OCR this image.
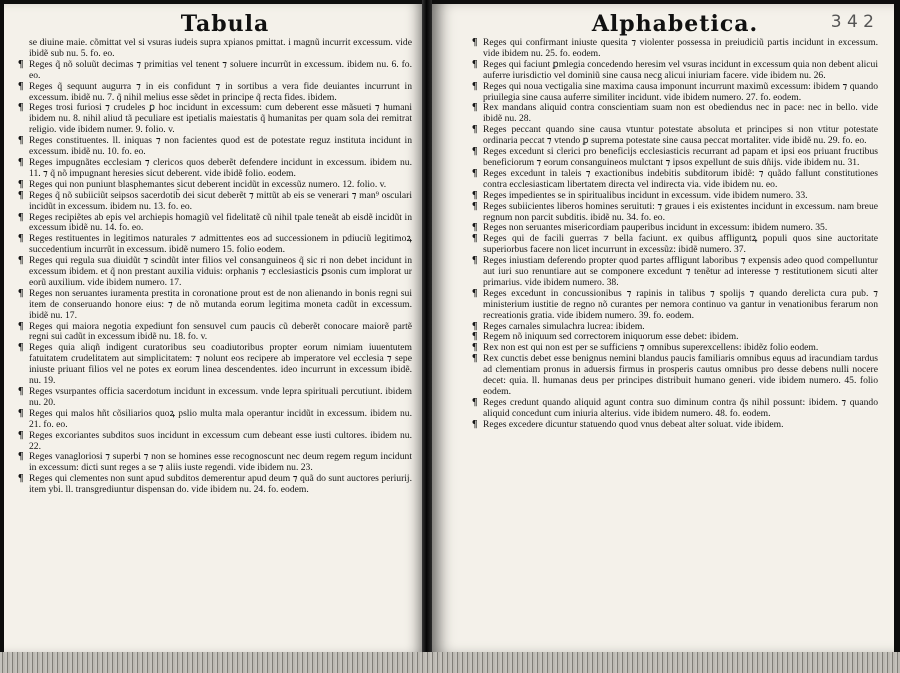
Tabula

se diuine maie. cõmittat vel si vsuras iudeis supra xpianos pmittat. i magnũ incurrit excessum. vide ibidẽ sub nu. 5. fo. eo.

¶ Reges q̃ nõ soluũt decimas ⁊ primitias vel tenent ⁊ soluere incurrũt in excessum. ibidem nu. 6. fo. eo.

¶ Reges q̃ sequunt augurra ⁊ in eis confidunt ⁊ in sortibus a vera fide deuiantes incurrunt in excessum. ibidẽ nu. 7. q̃ nihil melius esse sẽdet in principe q̃ recta fides. ibidem.

¶ Reges trosi furiosi ⁊ crudeles ꝑ hoc incidunt in excessum: cum deberent esse mãsueti ⁊ humani ibidem nu. 8. nihil aliud tã peculiare est ipetialis maiestatis q̃ humanitas per quam sola dei remitrat religio. vide ibidem numer. 9. folio. v.

¶ Reges constituentes. ll. iniquas ⁊ non facientes quod est de potestate reguz instituta incidunt in excessum. ibidẽ nu. 10. fo. eo.

¶ Reges impugnãtes ecclesiam ⁊ clericos quos deberẽt defendere incidunt in excessum. ibidem nu. 11. ⁊ q̃ nõ impugnant heresies sicut deberent. vide ibidẽ folio. eodem.

¶ Reges qui non puniunt blasphemantes sicut deberent incidũt in excessũz numero. 12. folio. v.

¶ Reges q̃ nõ subiiciũt seipsos sacerdotib̃ dei sicut deberẽt ⁊ mittũt ab eis se venerari ⁊ man⁹ osculari incidũt in excessum. ibidem nu. 13. fo. eo.

¶ Reges recipiẽtes ab epis vel archiepis homagiũ vel fidelitatẽ cũ nihil tpale teneãt ab eisdẽ incidũt in excessum ibidẽ nu. 14. fo. eo.

¶ Reges restituentes in legitimos naturales ⁊ admittentes eos ad successionem in pdiuciũ legitimoꝝ succedentium incurrũt in excessum. ibidẽ numero 15. folio eodem.

¶ Reges qui regula sua diuidũt ⁊ scindũt inter filios vel consanguineos q̃ sic ri non debet incidunt in excessum ibidem. et q̃ non prestant auxilia viduis: orphanis ⁊ ecclesiasticis ꝑsonis cum implorat ur eorũ auxilium. vide ibidem numero. 17.

¶ Reges non seruantes iuramenta prestita in coronatione prout est de non alienando in bonis regni sui item de conseruando honore eius: ⁊ de nõ mutanda eorum legitima moneta cadũt in excessum. ibidẽ nu. 17.

¶ Reges qui maiora negotia expediunt fon sensuvel cum paucis cũ deberẽt conocare maiorẽ partẽ regni sui cadũt in excessum ibidẽ nu. 18. fo. v.

¶ Reges quia aliqñ indigent curatoribus seu coadiutoribus propter eorum nimiam iuuentutem fatuitatem crudelitatem aut simplicitatem: ⁊ nolunt eos recipere ab imperatore vel ecclesia ⁊ sepe iniuste priuant filios vel ne potes ex eorum linea descendentes. ideo incurrunt in excessum ibidẽ. nu. 19.

¶ Reges vsurpantes officia sacerdotum incidunt in excessum. vnde lepra spirituali percutiunt. ibidem nu. 20.

¶ Reges qui malos hñt cõsiliarios quoꝝ pslio multa mala operantur incidũt in excessum. ibidem nu. 21. fo. eo.

¶ Reges excoriantes subditos suos incidunt in excessum cum debeant esse iusti cultores. ibidem nu. 22.

¶ Reges vanagloriosi ⁊ superbi ⁊ non se homines esse recognoscunt nec deum regem regum incidunt in excessum: dicti sunt reges a se ⁊ aliis iuste regendi. vide ibidem nu. 23.

¶ Reges qui clementes non sunt apud subditos demerentur apud deum ⁊ quã do sunt auctores periurij. item ybi. ll. transgrediuntur dispensan do. vide ibidem nu. 24. fo. eodem.

Alphabetica.	3 4 2

¶ Reges qui confirmant iniuste quesita ⁊ violenter possessa in preiudiciũ partis incidunt in excessum. vide ibidem nu. 25. fo. eodem.

¶ Reges qui faciunt ꝑmlegia concedendo heresim vel vsuras incidunt in excessum quia non debent alicui auferre iurisdictio vel dominiũ sine causa necg alicui iniuriam facere. vide ibidem nu. 26.

¶ Reges qui noua vectigalia sine maxima causa imponunt incurrunt maximũ excessum: ibidem ⁊ quando priuilegia sine causa auferre similiter incidunt. vide ibidem numero. 27. fo. eodem.

¶ Rex mandans aliquid contra conscientiam suam non est obediendus nec in pace: nec in bello. vide ibidẽ nu. 28.

¶ Reges peccant quando sine causa vtuntur potestate absoluta et principes si non vtitur potestate ordinaria peccat ⁊ vtendo ꝑ suprema potestate sine causa peccat mortaliter. vide ibidẽ nu. 29. fo. eo.

¶ Reges excedunt si clerici pro beneficijs ecclesiasticis recurrant ad papam et ipsi eos priuant fructibus beneficiorum ⁊ eorum consanguineos mulctant ⁊ ipsos expellunt de suis dñijs. vide ibidem nu. 31.

¶ Reges excedunt in taleis ⁊ exactionibus indebitis subditorum ibidẽ: ⁊ quãdo fallunt constitutiones contra ecclesiasticam libertatem directa vel indirecta via. vide ibidem nu. eo.

¶ Reges impedientes se in spiritualibus incidunt in excessum. vide ibidem numero. 33.

¶ Reges subiicientes liberos homines seruituti: ⁊ graues i eis existentes incidunt in excessum. nam breue regnum non parcit subditis. ibidẽ nu. 34. fo. eo.

¶ Reges non seruantes misericordiam pauperibus incidunt in excessum: ibidem numero. 35.

¶ Reges qui de facili guerras ⁊ bella faciunt. ex quibus affliguntꝝ populi quos sine auctoritate superiorbus facere non licet incurrunt in excessũz: ibidẽ numero. 37.

¶ Reges iniustiam deferendo propter quod partes affligunt laboribus ⁊ expensis adeo quod compelluntur aut iuri suo renuntiare aut se componere excedunt ⁊ tenẽtur ad interesse ⁊ restitutionem sicuti alter primarius. vide ibidem numero. 38.

¶ Reges excedunt in concussionibus ⁊ rapinis in talibus ⁊ spolijs ⁊ quando derelicta cura pub. ⁊ ministerium iustitie de regno nõ curantes per nemora continuo va gantur in venationibus ferarum non recreationis gratia. vide ibidem numero. 39. fo. eodem.

¶ Reges carnales simulachra lucrea: ibidem.

¶ Regem nõ iniquum sed correctorem iniquorum esse debet: ibidem.

¶ Rex non est qui non est per se sufficiens ⁊ omnibus superexcellens: ibidẽz folio eodem.

¶ Rex cunctis debet esse benignus nemini blandus paucis familiaris omnibus equus ad iracundiam tardus ad clementiam pronus in aduersis firmus in prosperis cautus omnibus pro desse debens nulli nocere decet: quia. ll. humanas deus per principes distribuit humano generi. vide ibidem numero. 45. folio eodem.

¶ Reges credunt quando aliquid agunt contra suo diminum contra q̃s nihil possunt: ibidem. ⁊ quando aliquid concedunt cum iniuria alterius. vide ibidem numero. 48. fo. eodem.

¶ Reges excedere dicuntur statuendo quod vnus debeat alter soluat. vide ibidem.
